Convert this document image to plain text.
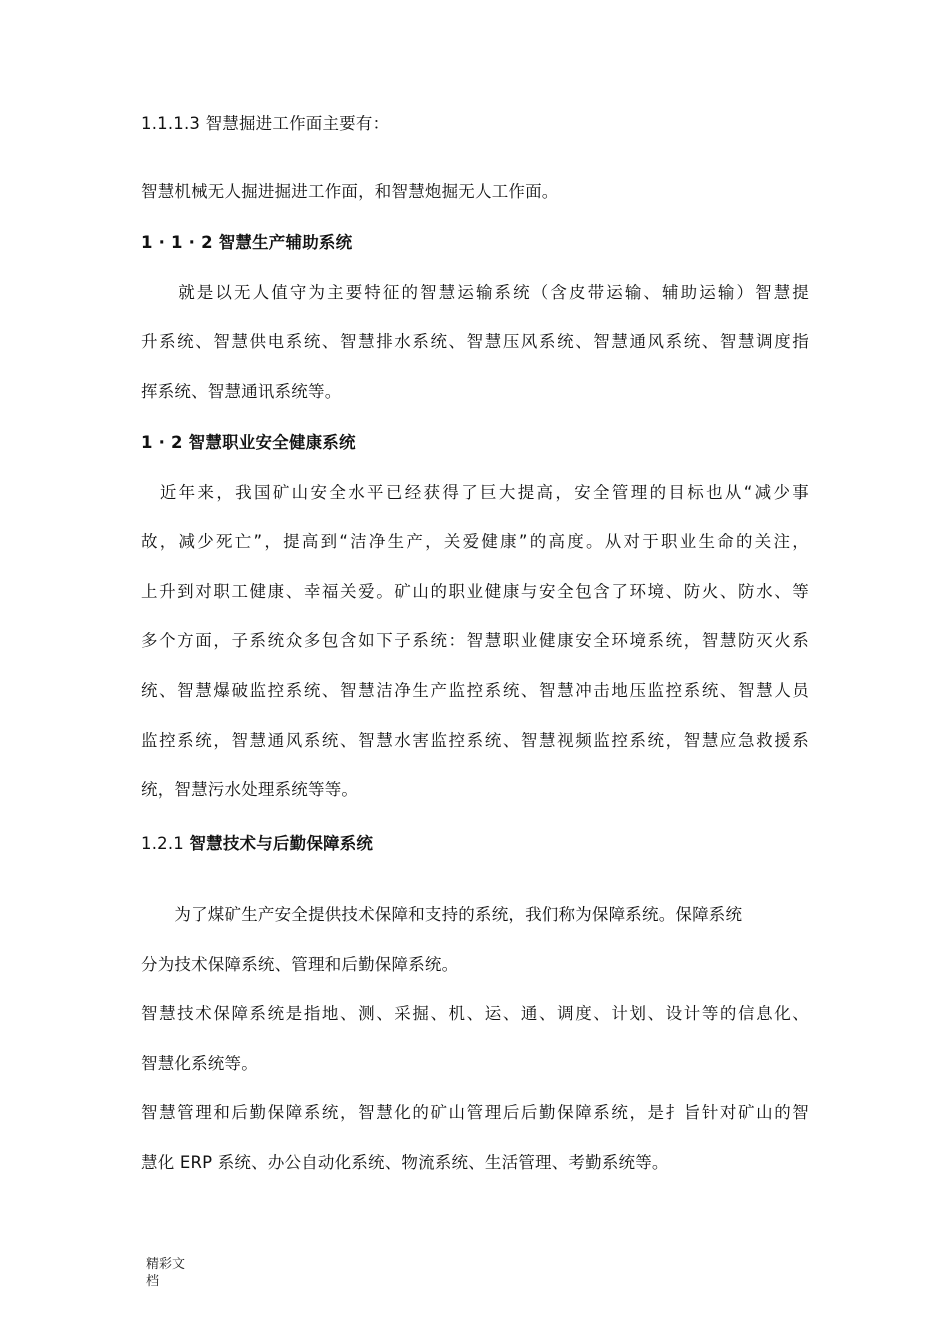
1.1.1.3 智慧掘进工作面主要有：
智慧机械无人掘进掘进工作面，和智慧炮掘无人工作面。
1 · 1 · 2 智慧生产辅助系统
　　就是以无人值守为主要特征的智慧运输系统（含皮带运输、辅助运输）智慧提
升系统、智慧供电系统、智慧排水系统、智慧压风系统、智慧通风系统、智慧调度指
挥系统、智慧通讯系统等。
1 · 2 智慧职业安全健康系统
　近年来，我国矿山安全水平已经获得了巨大提高，安全管理的目标也从“减少事
故，减少死亡”，提高到“洁净生产，关爱健康”的高度。从对于职业生命的关注，
上升到对职工健康、幸福关爱。矿山的职业健康与安全包含了环境、防火、防水、等
多个方面，子系统众多包含如下子系统：智慧职业健康安全环境系统，智慧防灭火系
统、智慧爆破监控系统、智慧洁净生产监控系统、智慧冲击地压监控系统、智慧人员
监控系统，智慧通风系统、智慧水害监控系统、智慧视频监控系统，智慧应急救援系
统，智慧污水处理系统等等。
1.2.1 智慧技术与后勤保障系统
　　为了煤矿生产安全提供技术保障和支持的系统，我们称为保障系统。保障系统
分为技术保障系统、管理和后勤保障系统。
智慧技术保障系统是指地、测、采掘、机、运、通、调度、计划、设计等的信息化、
智慧化系统等。
智慧管理和后勤保障系统，智慧化的矿山管理后后勤保障系统，是扌旨针对矿山的智
慧化 ERP 系统、办公自动化系统、物流系统、生活管理、考勤系统等。
精彩文
档
